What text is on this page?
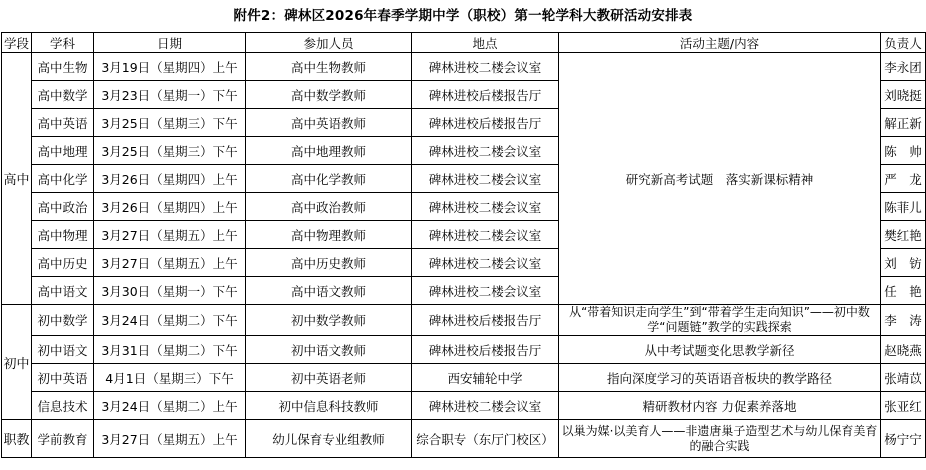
附件2：碑林区2026年春季学期中学（职校）第一轮学科大教研活动安排表
学段	学科	日期	参加人员	地点	活动主题/内容	负责人
高中	高中生物	3月19日（星期四）上午	高中生物教师	碑林进校二楼会议室	研究新高考试题　落实新课标精神	李永团
	高中数学	3月23日（星期一）下午	高中数学教师	碑林进校后楼报告厅		刘晓挺
	高中英语	3月25日（星期三）下午	高中英语教师	碑林进校后楼报告厅		解正新
	高中地理	3月25日（星期三）下午	高中地理教师	碑林进校二楼会议室		陈　帅
	高中化学	3月26日（星期四）上午	高中化学教师	碑林进校二楼会议室		严　龙
	高中政治	3月26日（星期四）上午	高中政治教师	碑林进校二楼会议室		陈菲儿
	高中物理	3月27日（星期五）上午	高中物理教师	碑林进校二楼会议室		樊红艳
	高中历史	3月27日（星期五）上午	高中历史教师	碑林进校二楼会议室		刘　钫
	高中语文	3月30日（星期一）下午	高中语文教师	碑林进校二楼会议室		任　艳
初中	初中数学	3月24日（星期二）下午	初中数学教师	碑林进校后楼报告厅	从“带着知识走向学生”到“带着学生走向知识”——初中数学“问题链”教学的实践探索	李　涛
	初中语文	3月31日（星期二）下午	初中语文教师	碑林进校后楼报告厅	从中考试题变化思教学新径	赵晓燕
	初中英语	4月1日（星期三）下午	初中英语老师	西安辅轮中学	指向深度学习的英语语音板块的教学路径	张靖苡
	信息技术	3月24日（星期二）上午	初中信息科技教师	碑林进校二楼会议室	精研教材内容 力促素养落地	张亚红
职教	学前教育	3月27日（星期五）上午	幼儿保育专业组教师	综合职专（东厅门校区）	以巢为媒·以美育人——非遗唐巢子造型艺术与幼儿保育美育的融合实践	杨宁宁
